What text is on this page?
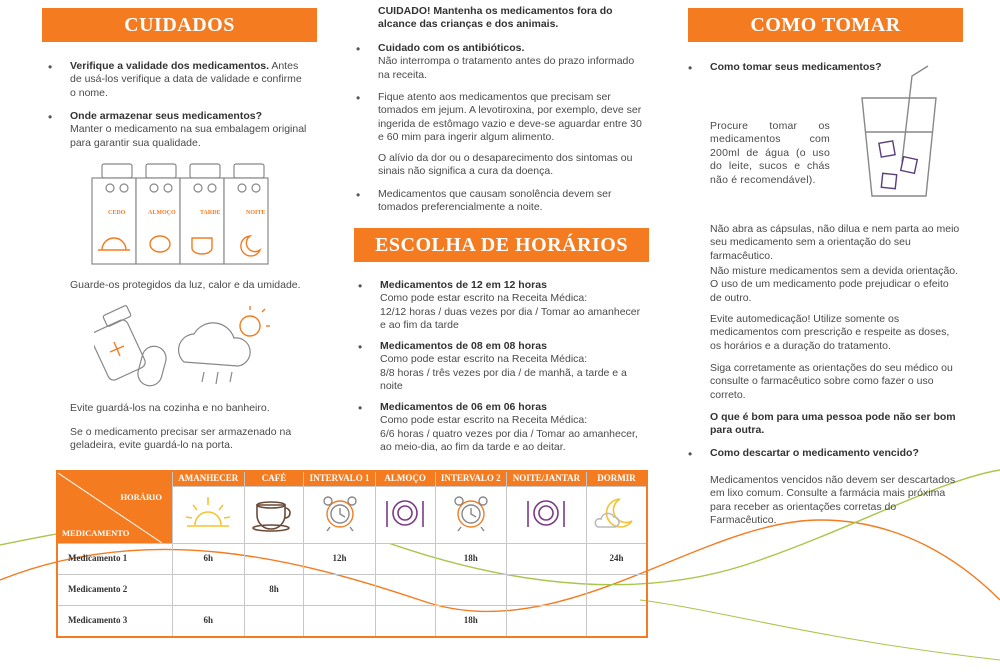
CUIDADOS
• Verifique a validade dos medicamentos. Antes de usá-los verifique a data de validade e confirme o nome.
• Onde armazenar seus medicamentos?
Manter o medicamento na sua embalagem original para garantir sua qualidade.
CEDO	ALMOÇO	TARDE	NOITE
Guarde-os protegidos da luz, calor e da umidade.
Evite guardá-los na cozinha e no banheiro.
Se o medicamento precisar ser armazenado na geladeira, evite guardá-lo na porta.
CUIDADO! Mantenha os medicamentos fora do alcance das crianças e dos animais.
• Cuidado com os antibióticos.
Não interrompa o tratamento antes do prazo informado na receita.
• Fique atento aos medicamentos que precisam ser tomados em jejum. A levotiroxina, por exemplo, deve ser ingerida de estômago vazio e deve-se aguardar entre 30 e 60 mim para ingerir algum alimento.
O alívio da dor ou o desaparecimento dos sintomas ou sinais não significa a cura da doença.
• Medicamentos que causam sonolência devem ser tomados preferencialmente a noite.
ESCOLHA DE HORÁRIOS
• Medicamentos de 12 em 12 horas
Como pode estar escrito na Receita Médica:
12/12 horas / duas vezes por dia / Tomar ao amanhecer e ao fim da tarde
• Medicamentos de 08 em 08 horas
Como pode estar escrito na Receita Médica:
8/8 horas / três vezes por dia / de manhã, a tarde e a noite
• Medicamentos de 06 em 06 horas
Como pode estar escrito na Receita Médica:
6/6 horas / quatro vezes por dia / Tomar ao amanhecer, ao meio-dia, ao fim da tarde e ao deitar.
COMO TOMAR
• Como tomar seus medicamentos?
Procure tomar os medicamentos com 200ml de água (o uso do leite, sucos e chás não é recomendável).
Não abra as cápsulas, não dilua e nem parta ao meio seu medicamento sem a orientação do seu farmacêutico.
Não misture medicamentos sem a devida orientação. O uso de um medicamento pode prejudicar o efeito de outro.
Evite automedicação! Utilize somente os medicamentos com prescrição e respeite as doses, os horários e a duração do tratamento.
Siga corretamente as orientações do seu médico ou consulte o farmacêutico sobre como fazer o uso correto.
O que é bom para uma pessoa pode não ser bom para outra.
• Como descartar o medicamento vencido?
Medicamentos vencidos não devem ser descartados em lixo comum. Consulte a farmácia mais próxima para receber as orientações corretas do Farmacêutico.
HORÁRIO
MEDICAMENTO	AMANHECER	CAFÉ	INTERVALO 1	ALMOÇO	INTERVALO 2	NOITE/JANTAR	DORMIR

Medicamento 1	6h		12h		18h		24h
Medicamento 2		8h					
Medicamento 3	6h				18h		
